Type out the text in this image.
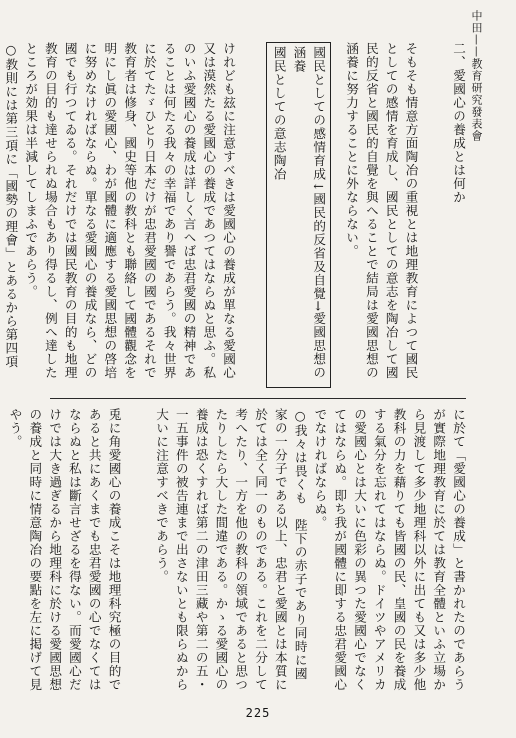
中田——教育研究發表會

二、愛國心の養成とは何か

そもそも情意方面陶冶の重視とは地理教育によつて國民としての感情を育成し、國民としての意志を陶冶して國民的反省と國民的自覺を與へることで結局は愛國思想の涵養に努力することに外ならない。

國民としての感情育成↓國民的反省及自覺→愛國思想の涵養
國民としての意志陶冶

けれども玆に注意すべきは愛國心の養成が單なる愛國心又は漠然たる愛國心の養成であつてはならぬと思ふ。私のいふ愛國心の養成は詳しく言へば忠君愛國の精神であることは何たる我々の幸福であり譽であらう。我々世界に於てたゞひとり日本だけが忠君愛國の國であるそれで教育者は修身、國史等他の教科とも聯絡して國體觀念を明にし眞の愛國心、わが國體に適應する愛國思想の啓培に努めなければならぬ。單なる愛國心の養成なら、どの國でも行つてゐる。それだけでは國民教育の目的も地理教育の目的も達せられぬ場合もあり得るし、例へ達したところが効果は半減してしまふであらう。

○教則には第三項に「國勢の理會」とあるから第四項

に於て「愛國心の養成」と書かれたのであらうが實際地理教育に於ては教育全體といふ立場から見渡して多少地理科以外に出ても又は多少他教科の力を藉りても皆國の民、皇國の民を養成する氣分を忘れてはならぬ。ドイツやアメリカの愛國心とは大いに色彩の異つた愛國心でなくてはならぬ。即ち我が國體に即する忠君愛國心でなければならぬ。

○我々は畏くも　陛下の赤子であり同時に國家の一分子である以上、忠君と愛國とは本質に於ては全く同一のものである。これを二分して考へたり、一方を他の教科の領域であると思つたりしたら大した間違である。かゝる愛國心の養成は恐くすれば第二の津田三藏や第二の五・一五事件の被告連まで出さないとも限らぬから大いに注意すべきであらう。

兎に角愛國心の養成こそは地理科究極の目的であると共にあくまでも忠君愛國の心でなくてはならぬと私は斷言せざるを得ない。而愛國心だけでは大き過ぎるから地理科に於ける愛國思想の養成と同時に情意陶冶の要點を左に掲げて見やう。

225
